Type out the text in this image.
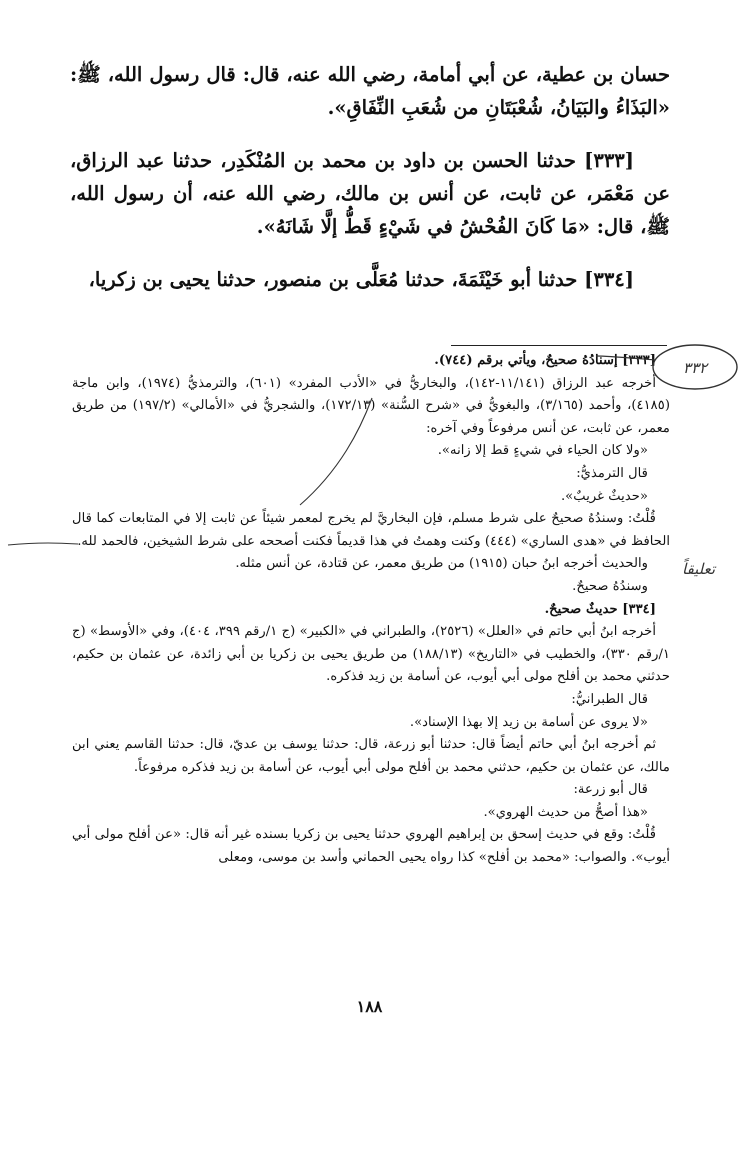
حسان بن عطية، عن أبي أمامة، رضي الله عنه، قال: قال رسول الله، ﷺ: «البَذَاءُ والبَيَانُ، شُعْبَتَانِ من شُعَبِ النِّفَاقِ».

[٣٣٣] حدثنا الحسن بن داود بن محمد بن المُنْكَدِر، حدثنا عبد الرزاق، عن مَعْمَر، عن ثابت، عن أنس بن مالك، رضي الله عنه، أن رسول الله، ﷺ، قال: «مَا كَانَ الفُحْشُ في شَيْءٍ قَطُّ إلَّا شَانَهُ».

[٣٣٤] حدثنا أبو خَيْثَمَةَ، حدثنا مُعَلَّى بن منصور، حدثنا يحيى بن زكريا،

[٣٣٣] إسنادُهُ صحيحٌ، ويأتي برقم (٧٤٤).

أخرجه عبد الرزاق (١١/١٤١-١٤٢)، والبخاريُّ في «الأدب المفرد» (٦٠١)، والترمذيُّ (١٩٧٤)، وابن ماجة (٤١٨٥)، وأحمد (٣/١٦٥)، والبغويُّ في «شرح السُّنة» (١٧٢/١٣)، والشجريُّ في «الأمالي» (١٩٧/٢) من طريق معمر، عن ثابت، عن أنس مرفوعاً وفي آخره:

«ولا كان الحياء في شيءٍ قط إلا زانه».

قال الترمذيُّ:

«حديثٌ غريبٌ».

قُلْتُ: وسندُهُ صحيحٌ على شرط مسلم، فإن البخاريَّ لم يخرج لمعمر شيئاً عن ثابت إلا في المتابعات كما قال الحافظ في «هدى الساري» (٤٤٤) وكنت وهمتُ في هذا قديماً فكنت أصححه على شرط الشيخين، فالحمد لله.

والحديث أخرجه ابنُ حبان (١٩١٥) من طريق معمر، عن قتادة، عن أنس مثله.

وسندُهُ صحيحٌ.

[٣٣٤] حديثٌ صحيحٌ.

أخرجه ابنُ أبي حاتم في «العلل» (٢٥٢٦)، والطبراني في «الكبير» (ج ١/رقم ٣٩٩، ٤٠٤)، وفي «الأوسط» (ج ١/رقم ٣٣٠)، والخطيب في «التاريخ» (١٨٨/١٣) من طريق يحيى بن زكريا بن أبي زائدة، عن عثمان بن حكيم، حدثني محمد بن أفلح مولى أبي أيوب، عن أسامة بن زيد فذكره.

قال الطبرانيُّ:

«لا يروى عن أسامة بن زيد إلا بهذا الإسناد».

ثم أخرجه ابنُ أبي حاتم أيضاً قال: حدثنا أبو زرعة، قال: حدثنا يوسف بن عديّ، قال: حدثنا القاسم يعني ابن مالك، عن عثمان بن حكيم، حدثني محمد بن أفلح مولى أبي أيوب، عن أسامة بن زيد فذكره مرفوعاً.

قال أبو زرعة:

«هذا أصحُّ من حديث الهروي».

قُلْتُ: وقع في حديث إسحق بن إبراهيم الهروي حدثنا يحيى بن زكريا بسنده غير أنه قال: «عن أفلح مولى أبي أيوب». والصواب: «محمد بن أفلح» كذا رواه يحيى الحماني وأسد بن موسى، ومعلى

١٨٨
تعليقاً
٣٣٢
